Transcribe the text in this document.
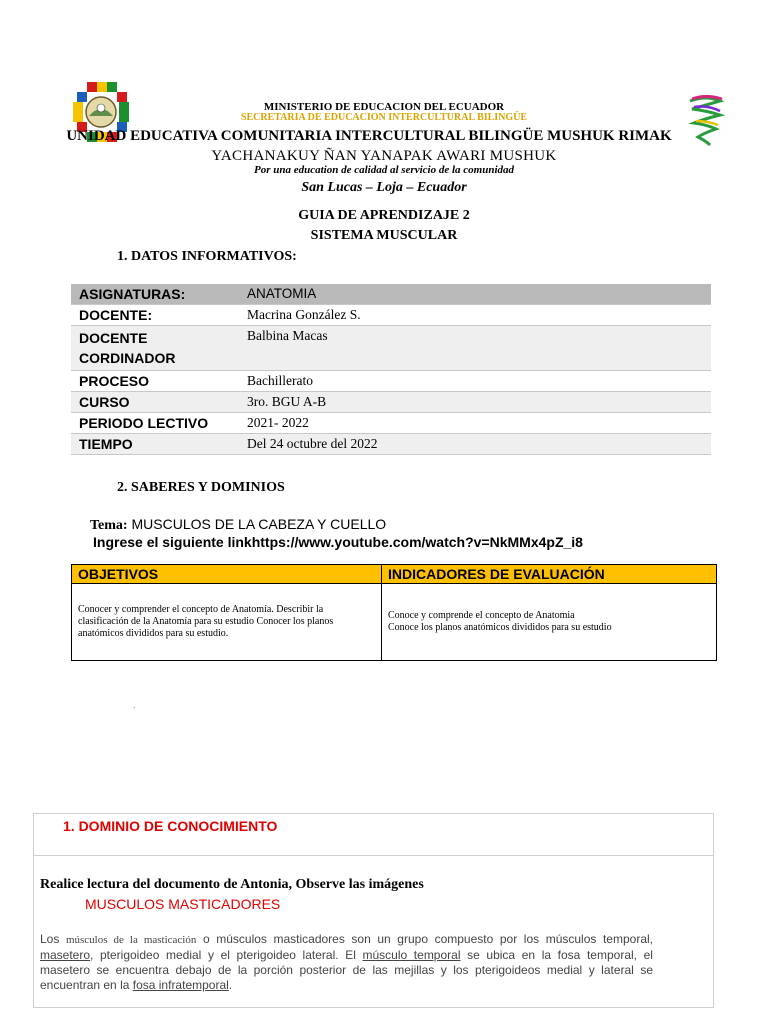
MINISTERIO DE EDUCACION DEL ECUADOR
SECRETARIA DE EDUCACION INTERCULTURAL BILINGÜE
UNIDAD EDUCATIVA COMUNITARIA INTERCULTURAL BILINGÜE MUSHUK RIMAK
YACHANAKUY ÑAN YANAPAK AWARI MUSHUK
Por una education de calidad al servicio de la comunidad
San Lucas – Loja – Ecuador
GUIA DE APRENDIZAJE 2
SISTEMA MUSCULAR
1. DATOS INFORMATIVOS:
ASIGNATURAS:	ANATOMIA
DOCENTE:	Macrina González S.
DOCENTE CORDINADOR	Balbina Macas
PROCESO	Bachillerato
CURSO	3ro. BGU A-B
PERIODO LECTIVO	2021- 2022
TIEMPO	Del 24 octubre del 2022
2. SABERES Y DOMINIOS
Tema: MUSCULOS DE LA CABEZA Y CUELLO
Ingrese el siguiente linkhttps://www.youtube.com/watch?v=NkMMx4pZ_i8
OBJETIVOS	INDICADORES DE EVALUACIÓN
Conocer y comprender el concepto de Anatomía. Describir la clasificación de la Anatomía para su estudio Conocer los planos anatómicos divididos para su estudio.	Conoce y comprende el concepto de Anatomia
Conoce los planos anatómicos divididos para su estudio
.
1. DOMINIO DE CONOCIMIENTO
Realice lectura del documento de Antonia, Observe las imágenes
MUSCULOS MASTICADORES
Los músculos de la masticación o músculos masticadores son un grupo compuesto por los músculos temporal, masetero, pterigoideo medial y el pterigoideo lateral. El músculo temporal se ubica en la fosa temporal, el masetero se encuentra debajo de la porción posterior de las mejillas y los pterigoideos medial y lateral se encuentran en la fosa infratemporal.
